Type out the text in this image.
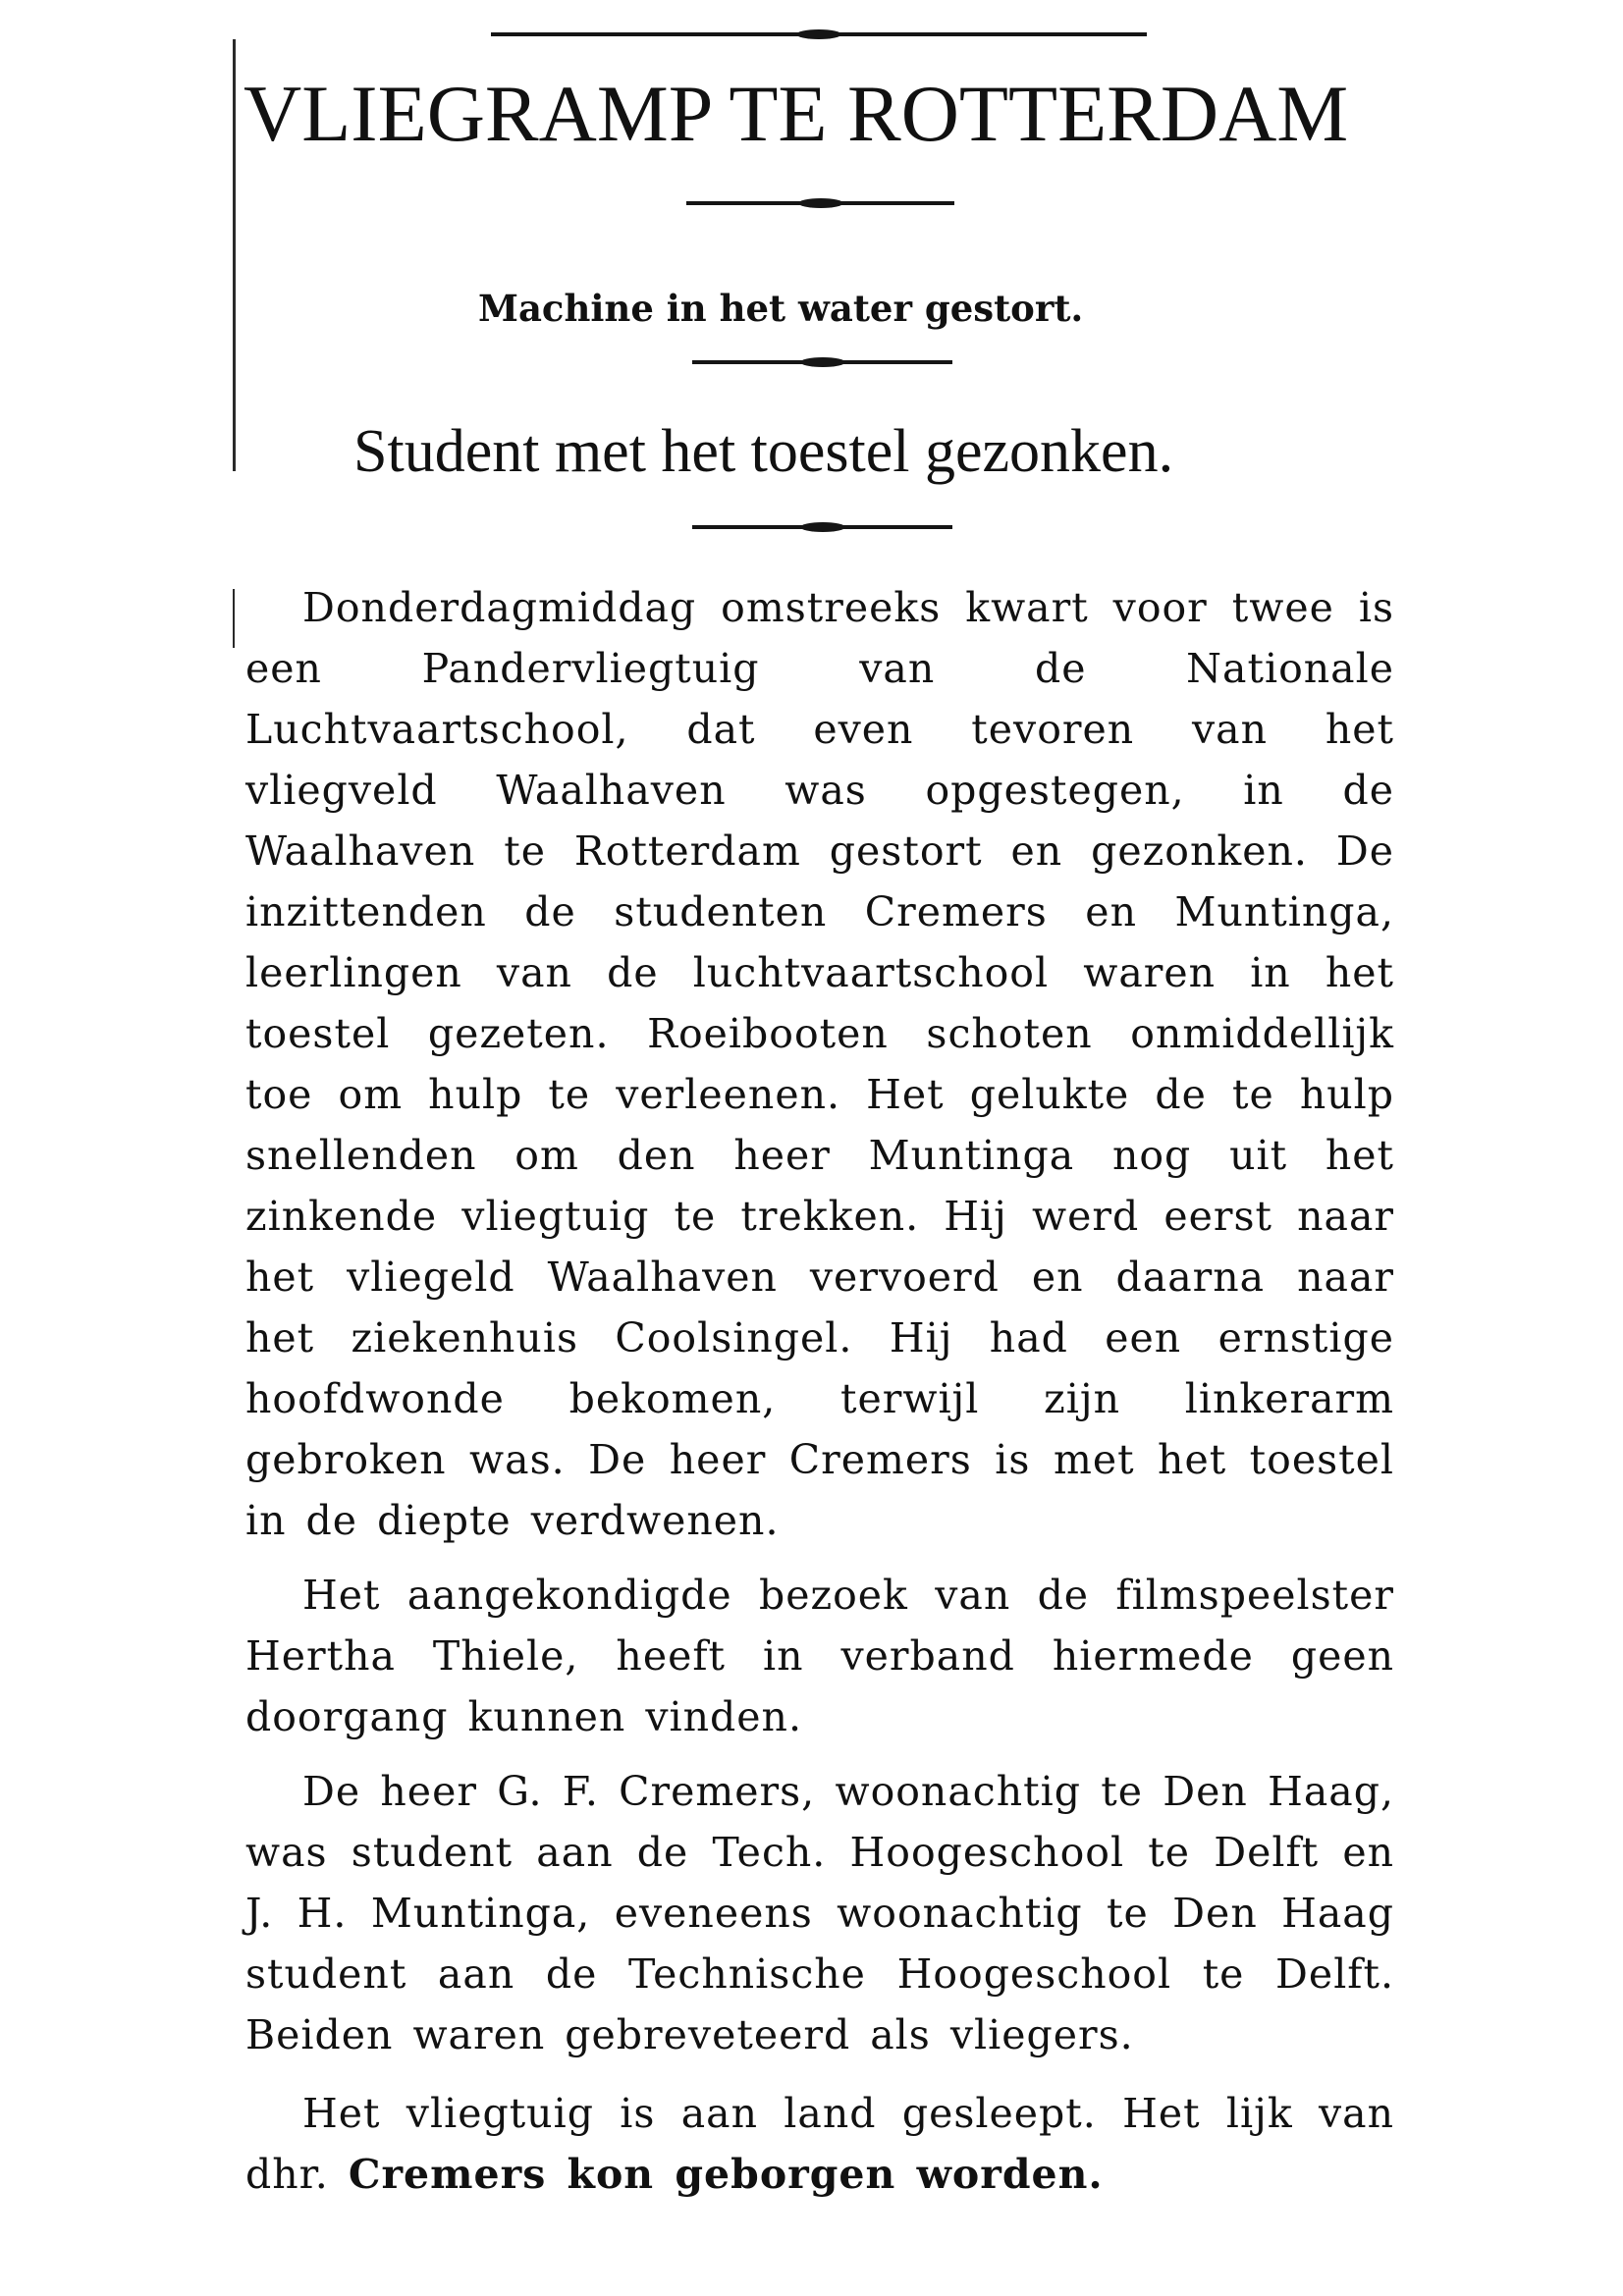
VLIEGRAMP TE ROTTERDAM
Machine in het water gestort.
Student met het toestel gezonken.

Donderdagmiddag omstreeks kwart voor twee is een Pandervliegtuig van de Nationale Luchtvaartschool, dat even tevoren van het vliegveld Waalhaven was opgestegen, in de Waalhaven te Rotterdam gestort en gezonken. De inzittenden de studenten Cremers en Muntinga, leerlingen van de luchtvaartschool waren in het toestel gezeten. Roeibooten schoten onmiddellijk toe om hulp te verleenen. Het gelukte de te hulp snellenden om den heer Muntinga nog uit het zinkende vliegtuig te trekken. Hij werd eerst naar het vliegeld Waalhaven vervoerd en daarna naar het ziekenhuis Coolsingel. Hij had een ernstige hoofdwonde bekomen, terwijl zijn linkerarm gebroken was. De heer Cremers is met het toestel in de diepte verdwenen.

Het aangekondigde bezoek van de filmspeelster Hertha Thiele, heeft in verband hiermede geen doorgang kunnen vinden.

De heer G. F. Cremers, woonachtig te Den Haag, was student aan de Tech. Hoogeschool te Delft en J. H. Muntinga, eveneens woonachtig te Den Haag student aan de Technische Hoogeschool te Delft. Beiden waren gebreveteerd als vliegers.

Het vliegtuig is aan land gesleept. Het lijk van dhr. Cremers kon geborgen worden.
